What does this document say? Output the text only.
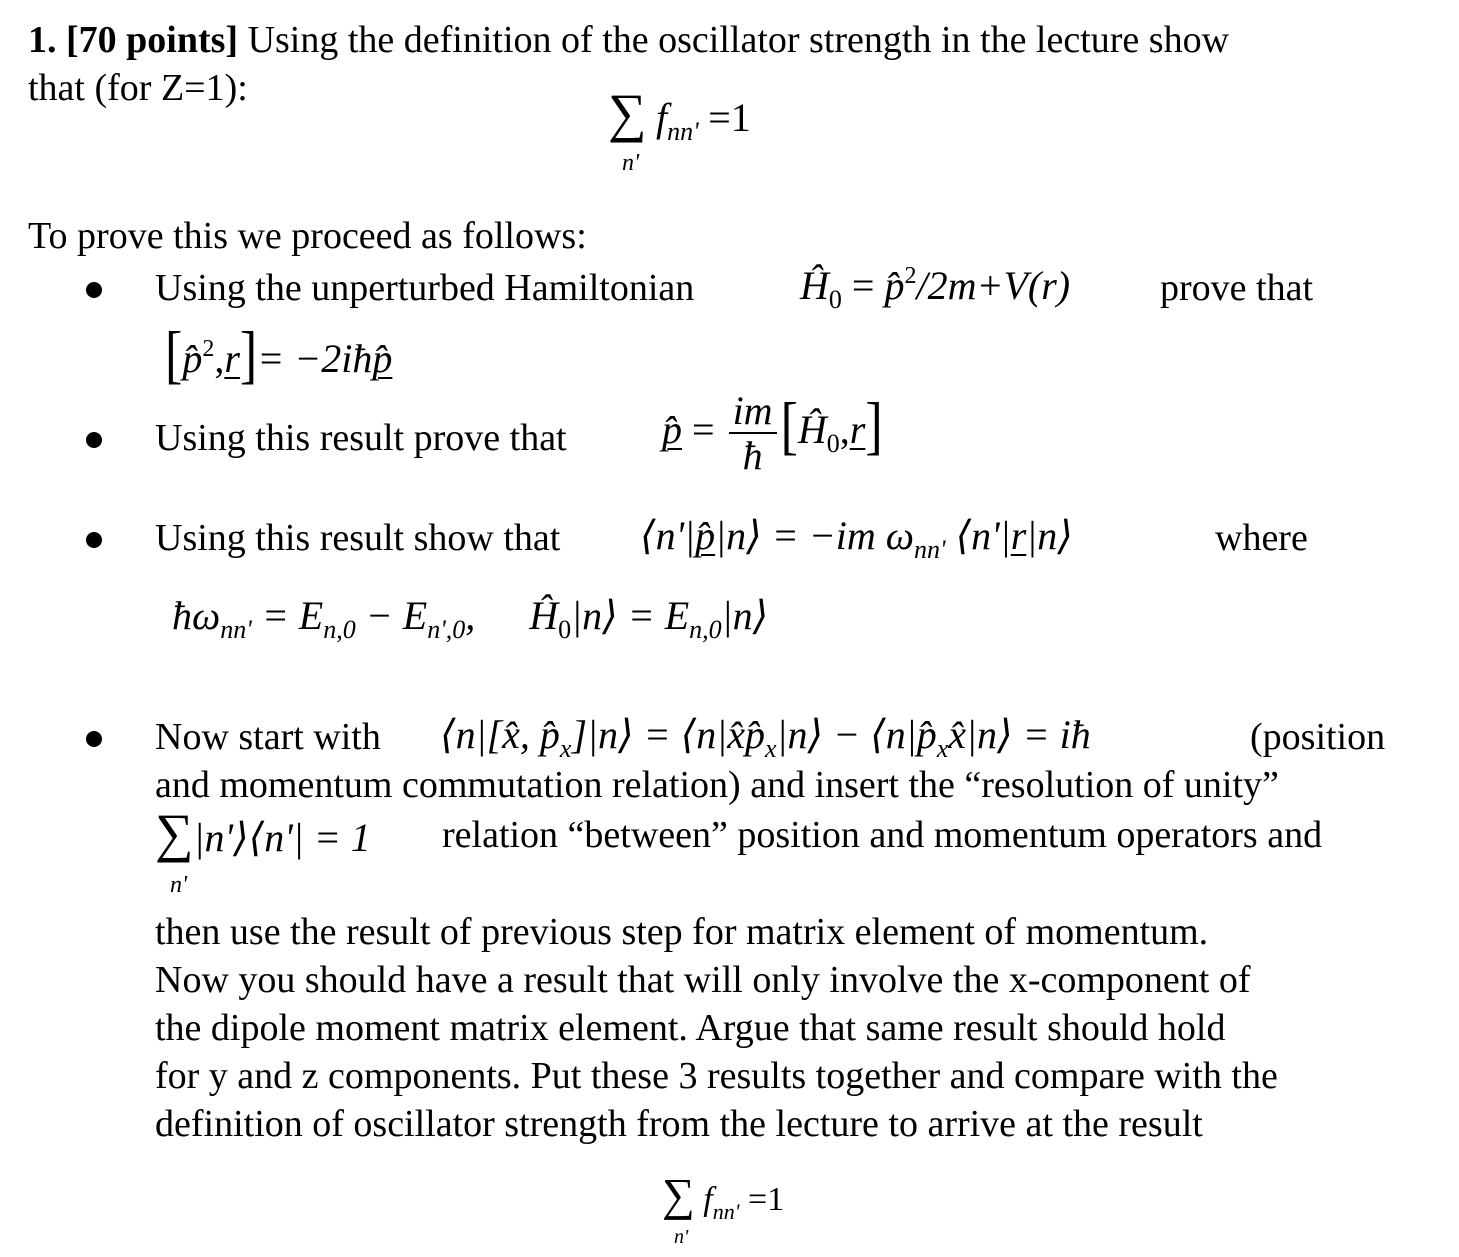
1. [70 points] Using the definition of the oscillator strength in the lecture show
that (for Z=1):	∑ $f_{nn'} =1$
n'
To prove this we proceed as follows:
Using the unperturbed Hamiltonian	$Ĥ_0$ = p̂$^2$/2m+V(r) prove that
[p̂$^2$,r]= −2iħp̂
Using this result prove that p̂ = $\frac{im}{ħ}$ $[Ĥ_0,r]$
Using this result show that ⟨n'|p̂|n⟩ = −im $\omega_{nn'}$ ⟨n'|r|n⟩	where
$ħ\omega_{nn'} = E_{n,0} - E_{n',0}$, $Ĥ_0|n⟩$ = $E_{n,0}|n⟩$
Now start with ⟨n|[x̂, $p̂_x]|n⟩$ = $⟨n|x̂p̂_x|n⟩$ − $⟨n|p̂_xx̂|n⟩$ = iħ	(position
and momentum commutation relation) and insert the “resolution of unity”
∑|n'⟩⟨n'| = 1
n'
relation “between” position and momentum operators and
then use the result of previous step for matrix element of momentum.
Now you should have a result that will only involve the x-component of
the dipole moment matrix element. Argue that same result should hold
for y and z components. Put these 3 results together and compare with the
definition of oscillator strength from the lecture to arrive at the result
∑ $f_{nn'} =1$
n'
